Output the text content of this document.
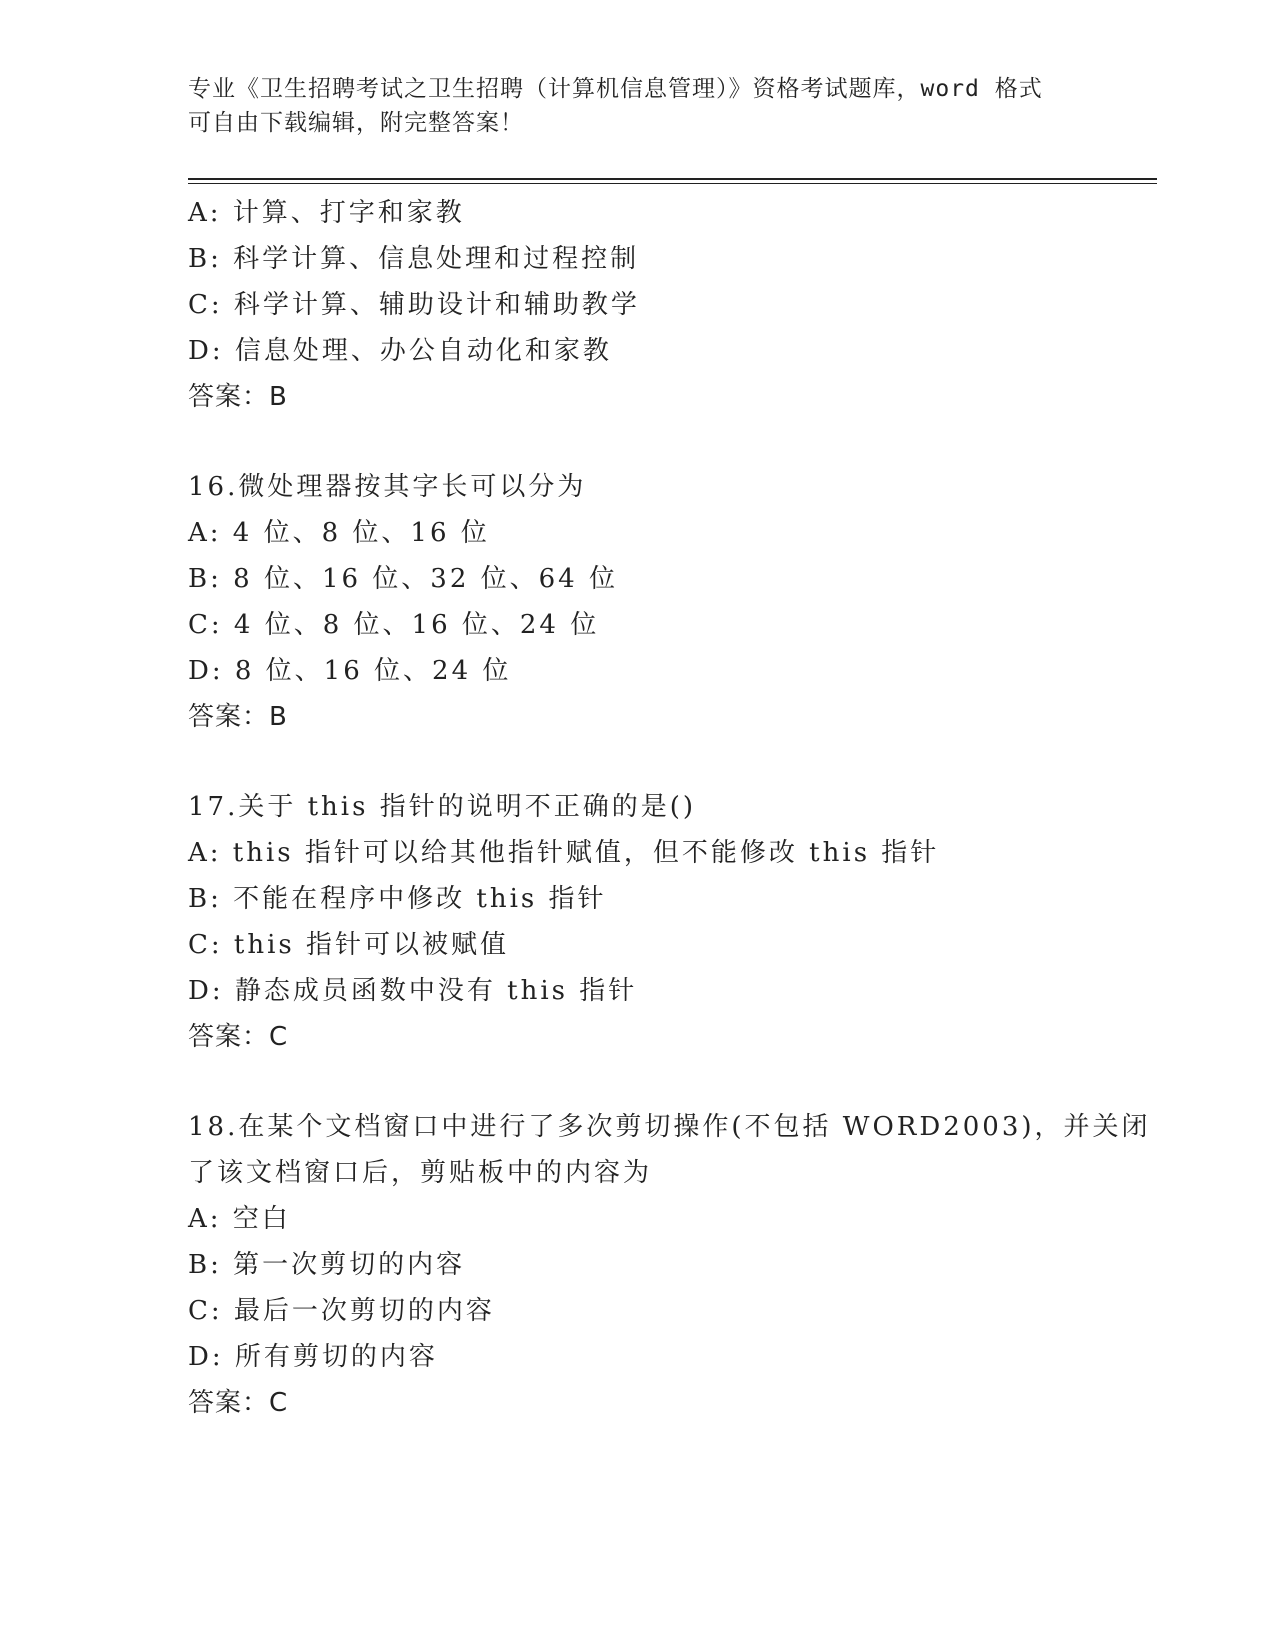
专业《卫生招聘考试之卫生招聘（计算机信息管理）》资格考试题库，word 格式
可自由下载编辑，附完整答案！
A: 计算、打字和家教
B: 科学计算、信息处理和过程控制
C: 科学计算、辅助设计和辅助教学
D: 信息处理、办公自动化和家教
答案：B
16.微处理器按其字长可以分为
A: 4 位、8 位、16 位
B: 8 位、16 位、32 位、64 位
C: 4 位、8 位、16 位、24 位
D: 8 位、16 位、24 位
答案：B
17.关于 this 指针的说明不正确的是()
A: this 指针可以给其他指针赋值，但不能修改 this 指针
B: 不能在程序中修改 this 指针
C: this 指针可以被赋值
D: 静态成员函数中没有 this 指针
答案：C
18.在某个文档窗口中进行了多次剪切操作(不包括 WORD2003)，并关闭
了该文档窗口后，剪贴板中的内容为
A: 空白
B: 第一次剪切的内容
C: 最后一次剪切的内容
D: 所有剪切的内容
答案：C
